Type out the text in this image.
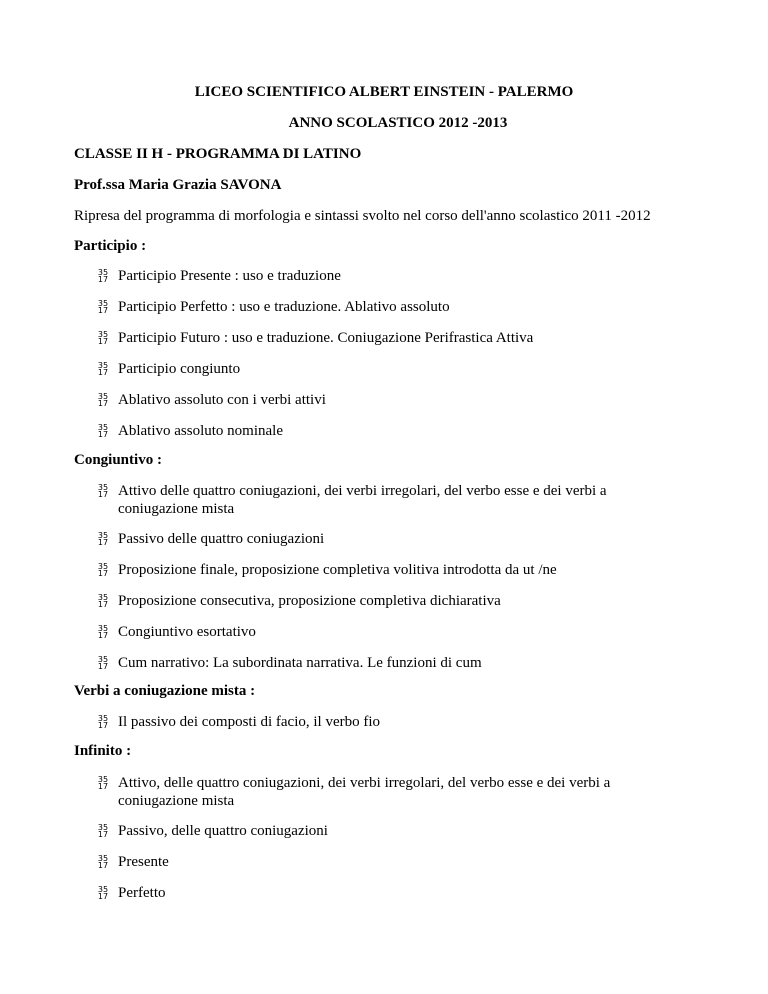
LICEO SCIENTIFICO ALBERT EINSTEIN - PALERMO
ANNO SCOLASTICO 2012 -2013
CLASSE II H - PROGRAMMA DI LATINO
Prof.ssa Maria Grazia SAVONA
Ripresa del programma di morfologia e sintassi svolto nel corso dell'anno scolastico 2011 -2012
Participio :
35
17 Participio Presente : uso e traduzione
35
17 Participio Perfetto : uso e traduzione. Ablativo assoluto
35
17 Participio Futuro : uso e traduzione. Coniugazione Perifrastica Attiva
35
17 Participio congiunto
35
17 Ablativo assoluto con i verbi attivi
35
17 Ablativo assoluto nominale
Congiuntivo :
35
17 Attivo delle quattro coniugazioni, dei verbi irregolari, del verbo esse e dei verbi a coniugazione mista
35
17 Passivo delle quattro coniugazioni
35
17 Proposizione finale, proposizione completiva volitiva introdotta da ut /ne
35
17 Proposizione consecutiva, proposizione completiva dichiarativa
35
17 Congiuntivo esortativo
35
17 Cum narrativo: La subordinata narrativa. Le funzioni di cum
Verbi a coniugazione mista :
35
17 Il passivo dei composti di facio, il verbo fio
Infinito :
35
17 Attivo, delle quattro coniugazioni, dei verbi irregolari, del verbo esse e dei verbi a coniugazione mista
35
17 Passivo, delle quattro coniugazioni
35
17 Presente
35
17 Perfetto
